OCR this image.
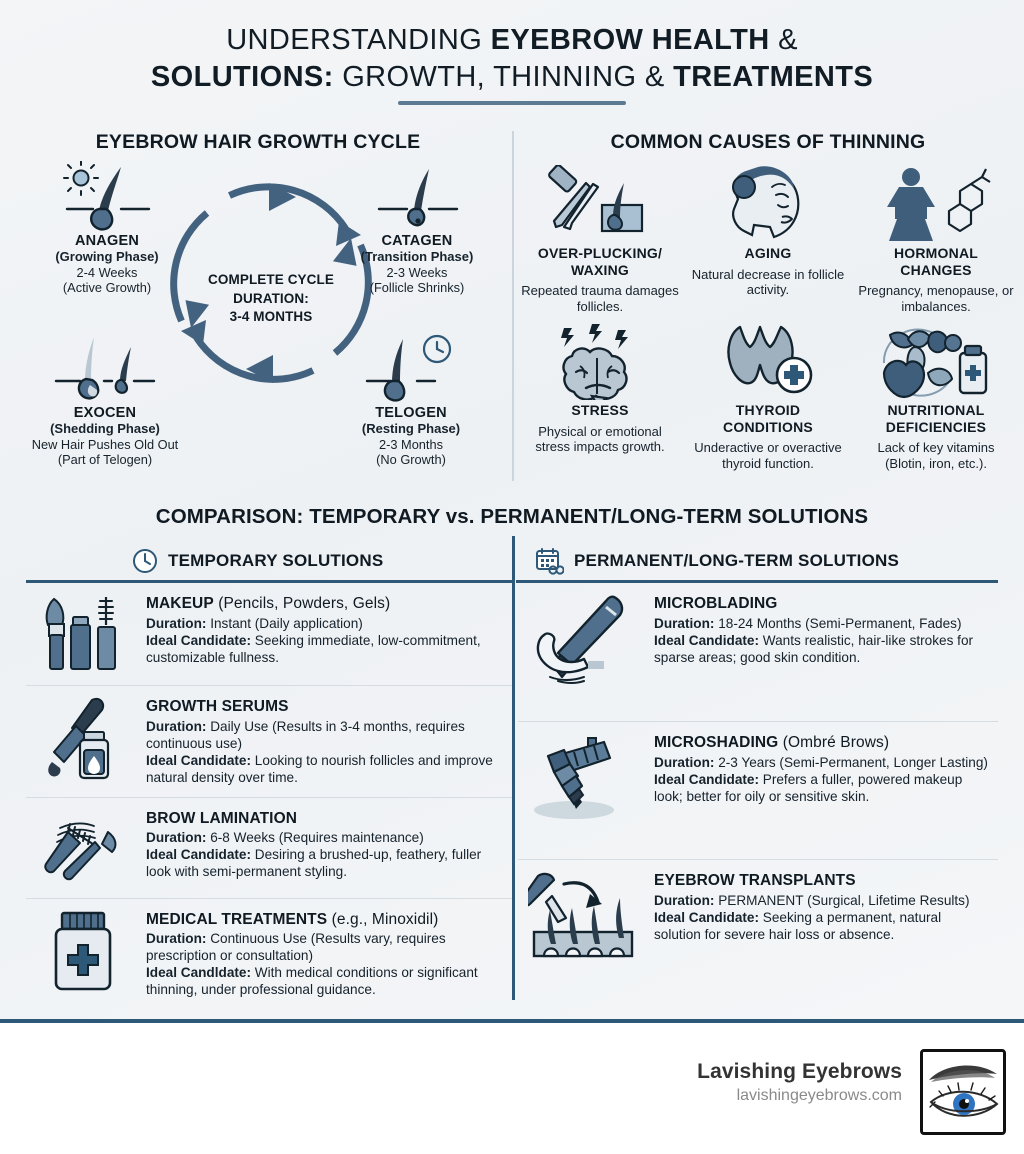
UNDERSTANDING EYEBROW HEALTH &
SOLUTIONS: GROWTH, THINNING & TREATMENTS
EYEBROW HAIR GROWTH CYCLE
COMPLETE CYCLE
DURATION:
3-4 MONTHS
ANAGEN
(Growing Phase)
2-4 Weeks
(Active Growth)
CATAGEN
(Transition Phase)
2-3 Weeks
(Follicle Shrinks)
EXOCEN
(Shedding Phase)
New Hair Pushes Old Out
(Part of Telogen)
TELOGEN
(Resting Phase)
2-3 Months
(No Growth)
COMMON CAUSES OF THINNING
OVER-PLUCKING/
WAXING
Repeated trauma damages follicles.
AGING
Natural decrease in follicle activity.
HORMONAL
CHANGES
Pregnancy, menopause, or imbalances.
STRESS
Physical or emotional stress impacts growth.
THYROID
CONDITIONS
Underactive or overactive thyroid function.
NUTRITIONAL
DEFICIENCIES
Lack of key vitamins (Blotin, iron, etc.).
COMPARISON: TEMPORARY vs. PERMANENT/LONG-TERM SOLUTIONS
TEMPORARY SOLUTIONS	PERMANENT/LONG-TERM SOLUTIONS
MAKEUP (Pencils, Powders, Gels)
Duration: Instant (Daily application)
Ideal Candidate: Seeking immediate, low-commitment, customizable fullness.
GROWTH SERUMS
Duration: Daily Use (Results in 3-4 months, requires continuous use)
Ideal Candidate: Looking to nourish follicles and improve natural density over time.
BROW LAMINATION
Duration: 6-8 Weeks (Requires maintenance)
Ideal Candidate: Desiring a brushed-up, feathery, fuller look with semi-permanent styling.
MEDICAL TREATMENTS (e.g., Minoxidil)
Duration: Continuous Use (Results vary, requires prescription or consultation)
Ideal Candldate: With medical conditions or significant thinning, under professional guidance.
MICROBLADING
Duration: 18-24 Months (Semi-Permanent, Fades)
Ideal Candidate: Wants realistic, hair-like strokes for sparse areas; good skin condition.
MICROSHADING (Ombré Brows)
Duration: 2-3 Years (Semi-Permanent, Longer Lasting)
Ideal Candidate: Prefers a fuller, powered makeup look; better for oily or sensitive skin.
EYEBROW TRANSPLANTS
Duration: PERMANENT (Surgical, Lifetime Results)
Ideal Candidate: Seeking a permanent, natural solution for severe hair loss or absence.
Lavishing Eyebrows
lavishingeyebrows.com
